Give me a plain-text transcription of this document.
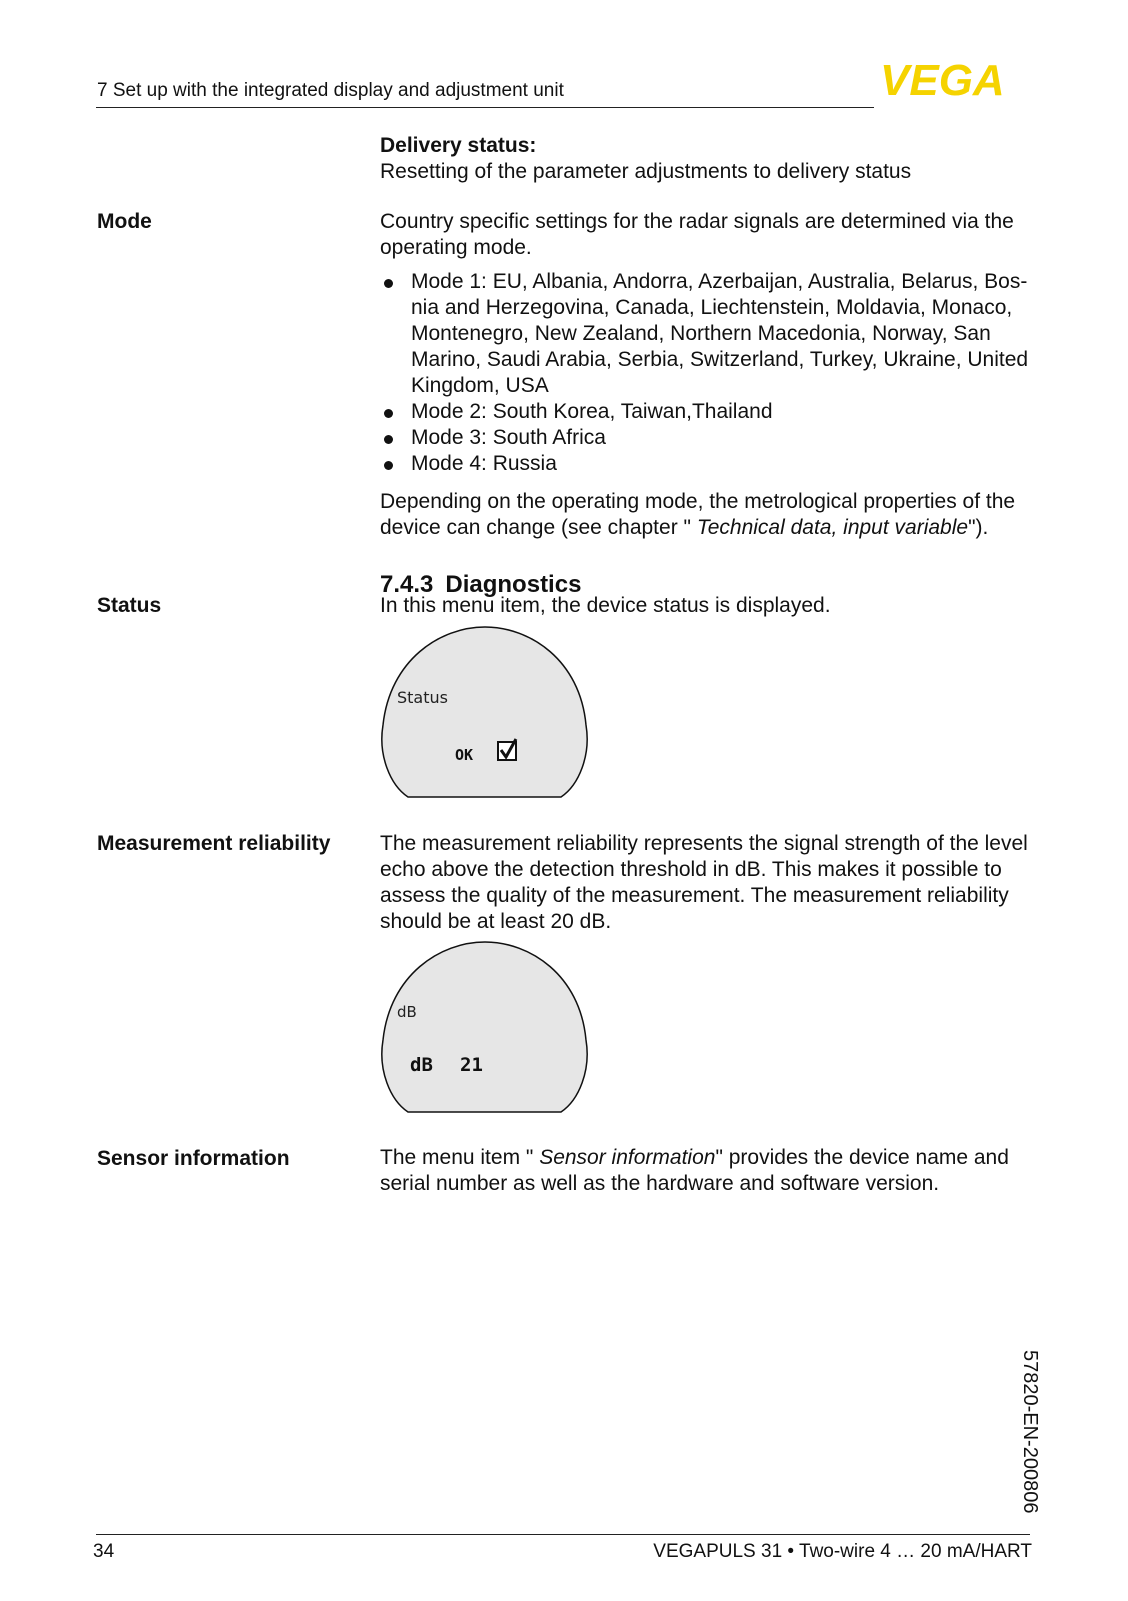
7 Set up with the integrated display and adjustment unit	VEGA
Delivery status:
Resetting of the parameter adjustments to delivery status
Mode	Country specific settings for the radar signals are determined via the operating mode.
Mode 1: EU, Albania, Andorra, Azerbaijan, Australia, Belarus, Bos-nia and Herzegovina, Canada, Liechtenstein, Moldavia, Monaco, Montenegro, New Zealand, Northern Macedonia, Norway, San Marino, Saudi Arabia, Serbia, Switzerland, Turkey, Ukraine, United Kingdom, USA
Mode 2: South Korea, Taiwan,Thailand
Mode 3: South Africa
Mode 4: Russia
Depending on the operating mode, the metrological properties of the device can change (see chapter " Technical data, input variable").
7.4.3 Diagnostics
Status	In this menu item, the device status is displayed.
Status
OK
Measurement reliability The measurement reliability represents the signal strength of the level echo above the detection threshold in dB. This makes it possible to assess the quality of the measurement. The measurement reliability should be at least 20 dB.
dB
dB 21
Sensor information	The menu item " Sensor information" provides the device name and serial number as well as the hardware and software version.
57820-EN-200806
34	VEGAPULS 31 • Two-wire 4 … 20 mA/HART
